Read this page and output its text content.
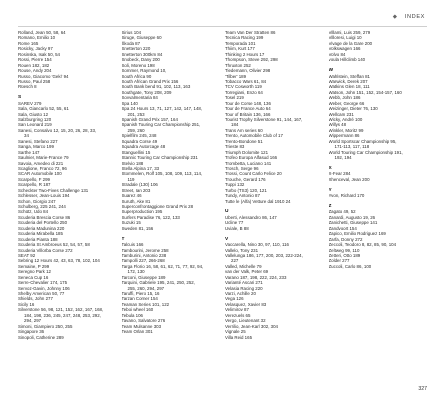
◆ INDEX
Rolland, Jean 50, 58, 64
Romano, Emilio 10
Rome 165
Rosicky, Jacky 97
Rosinska, Isak 50, 54
Rossi, Pierre 154
Rouen 182, 182
Rouse, Andy 204
Russo, Giacomo 'Geki' 94
Russo, Paul 258
Rüesch 8
S
SAREV 279
Sala, Giancarlo 52, 55, 61
Sala, Giusto 12
Salzburgring 120
San Leonard 219
Sanesi, Consalvo 12, 15, 20, 26, 28, 33,
34
Sanesi, Stefano 227
Sanga, Marco 199
Sarthe 147
Saulnier, Marie-France 79
Savoia, Amedeo di 221
Scaglione, Franco 72, 96
SCAR Automobile 100
Scarpello, F 299
Scarpello, R 187
Scheckter Two-Fives Challenge 131
Schlesser, Jean-Louis 194
Schon, Giorgio 247
Schulberg, 225 241, 244
Schütz, Udo 84
Scuderia Brescia Corse 86
Scuderia del Portello 250
Scuderia Madunina 220
Scuderia Mirabella 185
Scuderia Pianta 188
Scuderia St Ambroeus 52, 54, 57, 58
Scuderia Villorba Corse 272
SEAT 92
Sebring 12 Hours 42, 43, 63, 78, 102, 104
Semaine, P 299
Seregno Park 12
Seneca Cup 16
Serre-Chevalier 174, 175
Servoz-Gavin, Johnny 106
Shelby American 50, 77
Shields, John 277
Sicily 16
Silverstone 56, 98, 121, 152, 162, 167, 168,
184, 198, 236, 245, 247, 248, 253, 292,
294, 297
Simoni, Giampiero 250, 255
Singapore 36
Sinopoli, Catherine 289
Sirius 104
Siruge, Giuseppe 60
Škoda 87
Snetterton 220
Snetterton 300km 84
Snobeck, Dany 200
Soli, Moreno 198
Sommer, Raymond 10,
South Africa 90
South African Grand Prix 156
South Bank bend 91, 102, 113, 163
Southgate, Tony 208, 209
Sovvalmentaria 84
Spa 140
Spa 24 Hours 13, 71, 127, 142, 147, 148,
201, 253
Spanish Grand Prix 157, 164
Spanish Touring Car Championship 251,
259, 260
Spielfilm 245, 248
Squadra Corse 49
Squadra Autorcage 48
Stanguellini 15
Stannic Touring Car Championship 231
Stelvio 188
Stella Alpina 17, 33
Stommelen, Rolf 105, 108, 109, 113, 114,
119
Stradale (130) 106
Street, Ian 203
Suarez 46
Suruth, Ake 81
Superconfrontaggione Grand Prix 28
Superproduction 195
Surfers Paradise 76, 122, 133
Suzuki 15
Sweden 81, 156
T
Talcuis 166
Tambourini, Jerome 258
Tamburini, Antonio 238
Tampolli 227, 266-268
Targa Florio 16, 58, 61, 62, 71, 77, 92, 94,
172, 130
Tarconi, Giuseppe 189
Tarquini, Gabriele 195, 241, 250, 252,
255, 260, 294, 297
Taruffi, Piero 15, 16
Tarzan Corner 154
Teaman Series 101, 122
Teboi wheel 160
Tebula 106
Tavano, Salvatore 276
Team Mulsanne 303
Team Orlan 301
Team Van Der Stratten 86
Tecnica Racing 199
Temporada 101
Thiim, Kurt 177
Thinking 2 Hours 17
Thompson, Steve 292, 298
Thruxton 252
Tiedemann, Olivier 298
'Tilber' 189
Tobacco Wars 61, 84
TCV Cosworth 119
Torregiani, Enzo 64
Tosel 219
Tour de Corse 148, 136
Tour de France Auto 64
Tour of Britain 136, 166
Tourist Trophy Silverstone 91, 144, 167,
184
Trans Am series 60
Trento, Automobile Club of 17
Trento-Bondone 51
Trieste 83
Triumph Dolomite 121
Trofeo Europa Alfasud 166
Trombetta, Luciano 141
Trosch, Serge 96
Trossi, Count Carlo Felice 20
Trouche, Gerard 176
Tuppi 132
Turbo (TS3) 120, 121
Tundy, Antonio 87
Tutte le (Alfa) Vetture dal 1910 24
U
Uberti, Alessandro 86, 147
Ucline 77
Uviale, B 88
V
Vaccarella, Nino 30, 97, 110, 116
Vallelo, Tony 231
Vallelunga 186, 177, 200, 203, 222-224,
227
Valled, Michelle 79
van der Valk, Peter 69
Varano 187, 198, 222, 224, 233
Varianté Ascari 271
Velasia Racing 220
Varzi, Achille 20
Vega 126
Velasquez, Xavier 83
Velimirov 87
Verezuels 65
Vergo, Lieutenant 32
Verrilio, Jean-Karl 302, 304
Vignale 25
Villa Reid 165
Villami, Luis 259, 279
Villoresi, Luigi 10
Vivage de la Gare 200
Volkswagen 166
Volvo 84
voula Hillclimb 140
W
Wahlstein, Steffan 81
Warwick, Derek 207
Watkins Glen 18, 111
Watson, John 151, 152, 154-157, 160
Webb, John 186
Weber, George 66
Weizinger, Dieter 76, 130
Wellcam 231
Wicky, André 100
Willys 48
Winkler, Moritz 99
Wippermann 86
World Sportscar Championship 95,
171-113, 117, 118
World Touring Car Championship 191,
192, 194
X
X-Fear 284
Xhenceval, Jean 200
Y
Yvon, Richard 170
Z
Zagato 49, 52
Zanardi, Augusto 19, 26
Zanichetti, Giuseppe 141
Zandvoort 154
Zapico, Emilio Rodriguez 169
Zarfa, Donny 272
Zeccoli, Teodoro 8, 82, 85, 90, 104
Zeltweg 99, 110
Zetteri, Otto 189
Zolder 277
Zuccoli, Carlo 86, 100
327
